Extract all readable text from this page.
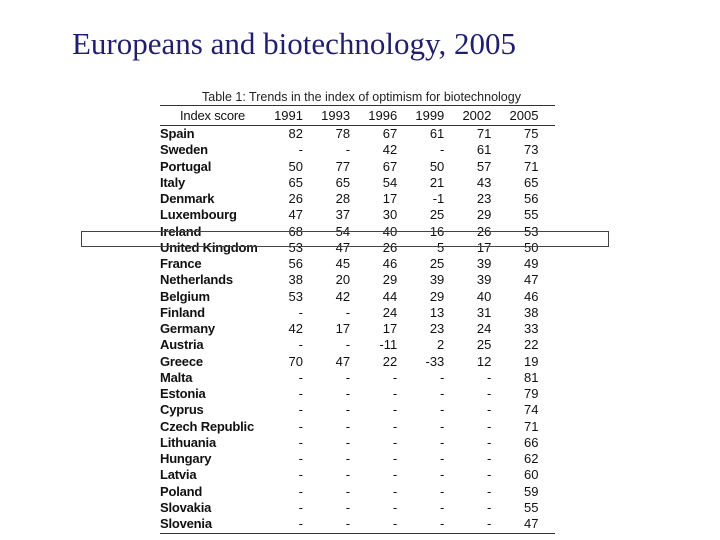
Europeans and biotechnology, 2005
Table 1: Trends in the index of optimism for biotechnology
Index score	1991	1993	1996	1999	2002	2005
Spain	82	78	67	61	71	75
Sweden	-	-	42	-	61	73
Portugal	50	77	67	50	57	71
Italy	65	65	54	21	43	65
Denmark	26	28	17	-1	23	56
Luxembourg	47	37	30	25	29	55
Ireland	68	54	40	16	26	53
United Kingdom	53	47	26	5	17	50
France	56	45	46	25	39	49
Netherlands	38	20	29	39	39	47
Belgium	53	42	44	29	40	46
Finland	-	-	24	13	31	38
Germany	42	17	17	23	24	33
Austria	-	-	-11	2	25	22
Greece	70	47	22	-33	12	19
Malta	-	-	-	-	-	81
Estonia	-	-	-	-	-	79
Cyprus	-	-	-	-	-	74
Czech Republic	-	-	-	-	-	71
Lithuania	-	-	-	-	-	66
Hungary	-	-	-	-	-	62
Latvia	-	-	-	-	-	60
Poland	-	-	-	-	-	59
Slovakia	-	-	-	-	-	55
Slovenia	-	-	-	-	-	47
